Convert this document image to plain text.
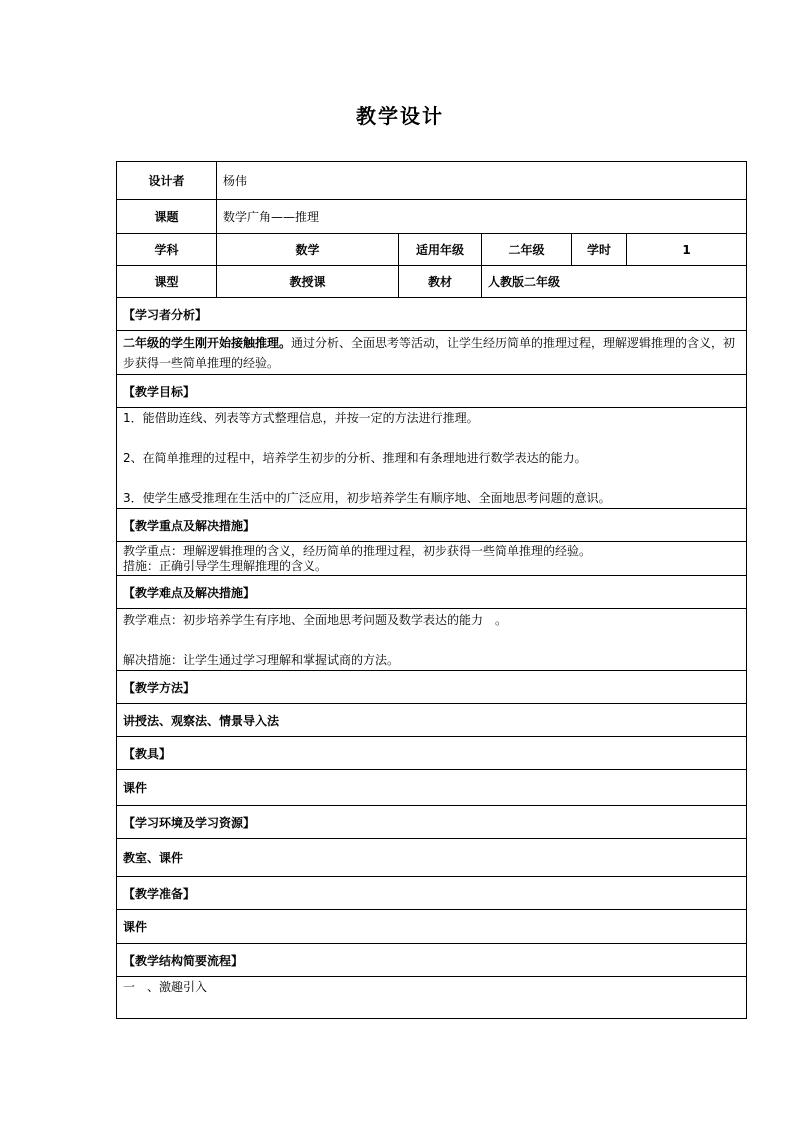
教学设计
设计者	杨伟				
课题	数学广角——推理				
学科	数学	适用年级	二年级	学时	1
课型	教授课	教材	人教版二年级		
【学习者分析】					
二年级的学生刚开始接触推理。通过分析、全面思考等活动，让学生经历简单的推理过程，理解逻辑推理的含义，初步获得一些简单推理的经验。					
【教学目标】					

1．能借助连线、列表等方式整理信息，并按一定的方法进行推理。

2、在简单推理的过程中，培养学生初步的分析、推理和有条理地进行数学表达的能力。

3．使学生感受推理在生活中的广泛应用，初步培养学生有顺序地、全面地思考问题的意识。					

【教学重点及解决措施】					

教学重点：理解逻辑推理的含义，经历简单的推理过程，初步获得一些简单推理的经验。

措施：正确引导学生理解推理的含义。					

【教学难点及解决措施】					

教学难点：初步培养学生有序地、全面地思考问题及数学表达的能力　。

解决措施：让学生通过学习理解和掌握试商的方法。					

【教学方法】					
讲授法、观察法、情景导入法					
【教具】					
课件					
【学习环境及学习资源】					
教室、课件					
【教学准备】					
课件					
【教学结构简要流程】					

一　、激趣引入					
